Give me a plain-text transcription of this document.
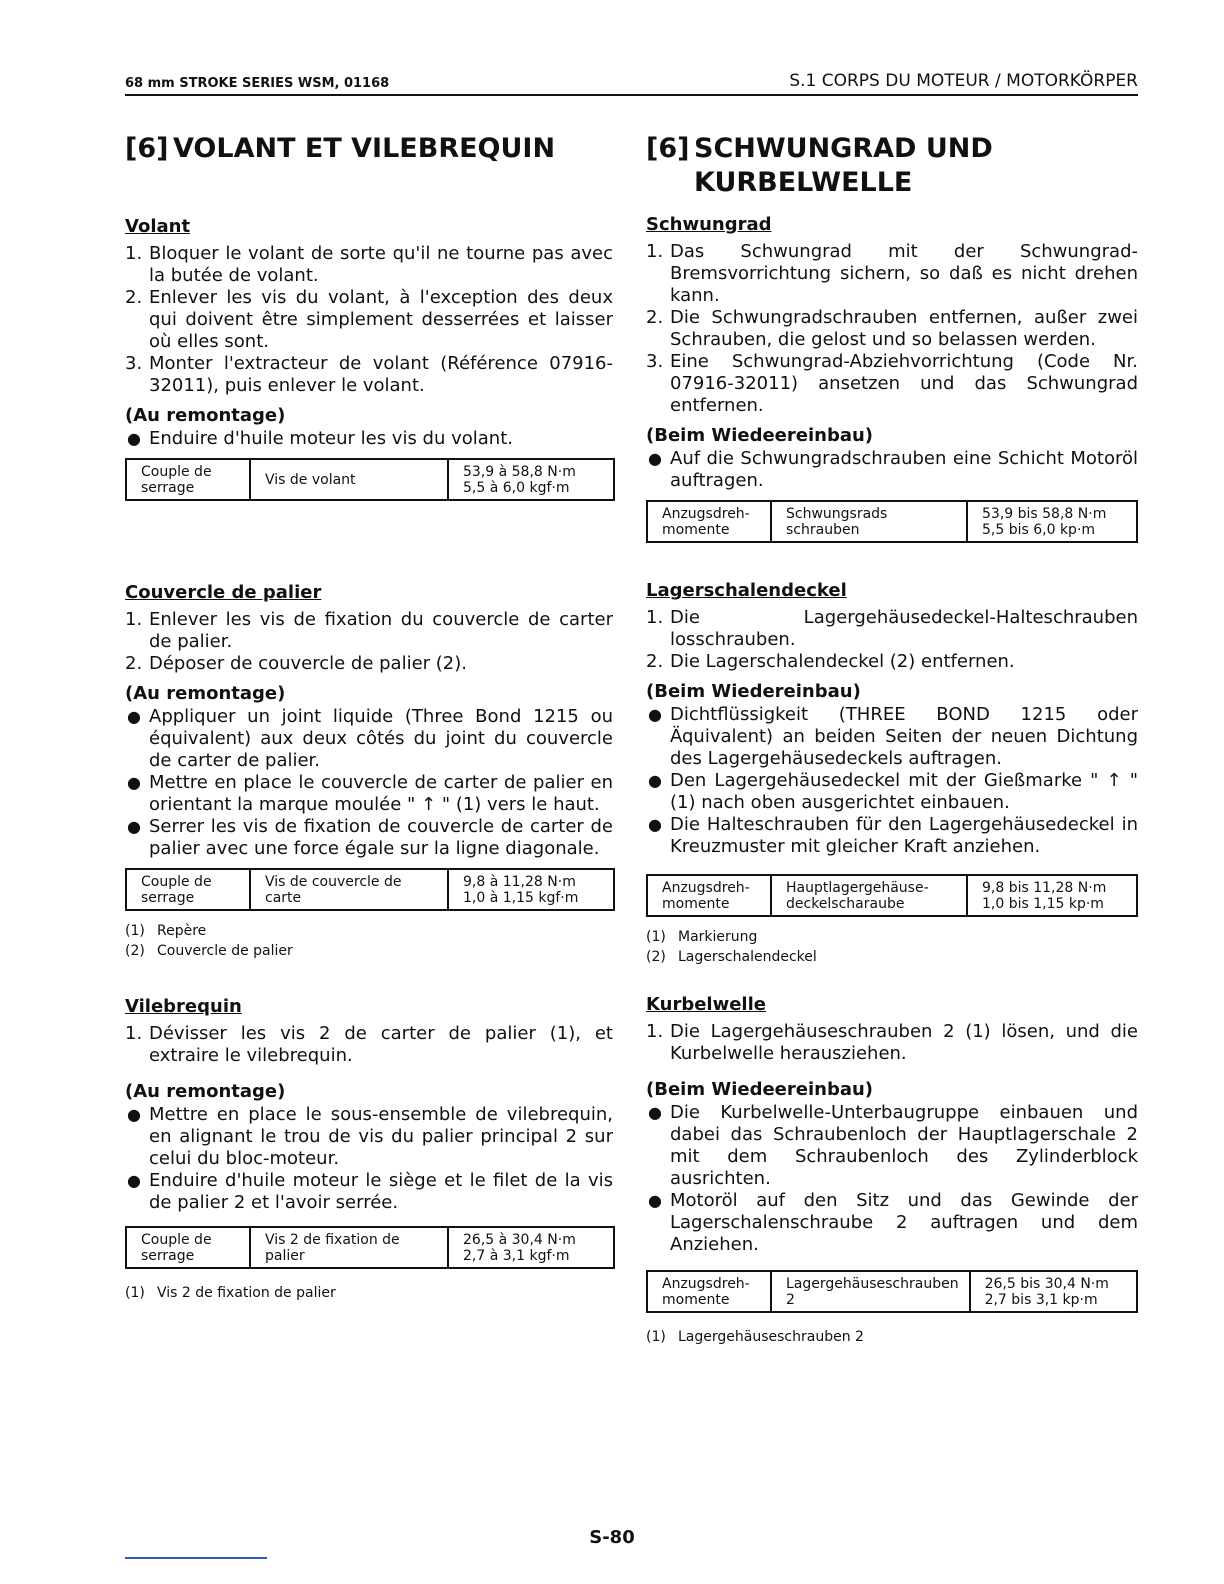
68 mm STROKE SERIES WSM, 01168	S.1 CORPS DU MOTEUR / MOTORKÖRPER
[6] VOLANT ET VILEBREQUIN
Volant
1. Bloquer le volant de sorte qu'il ne tourne pas avec la butée de volant.
2. Enlever les vis du volant, à l'exception des deux qui doivent être simplement desserrées et laisser où elles sont.
3. Monter l'extracteur de volant (Référence 07916-32011), puis enlever le volant.
(Au remontage)
● Enduire d'huile moteur les vis du volant.
Couple de serrage	Vis de volant	53,9 à 58,8 N·m
5,5 à 6,0 kgf·m
Couvercle de palier
1. Enlever les vis de fixation du couvercle de carter de palier.
2. Déposer de couvercle de palier (2).
(Au remontage)
● Appliquer un joint liquide (Three Bond 1215 ou équivalent) aux deux côtés du joint du couvercle de carter de palier.
● Mettre en place le couvercle de carter de palier en orientant la marque moulée " ↑ " (1) vers le haut.
● Serrer les vis de fixation de couvercle de carter de palier avec une force égale sur la ligne diagonale.
Couple de serrage	Vis de couvercle de carte	
9,8 à 11,28 N·m
1,0 à 1,15 kgf·m
(1) Repère
(2) Couvercle de palier
Vilebrequin
1. Dévisser les vis 2 de carter de palier (1), et extraire le vilebrequin.
(Au remontage)
● Mettre en place le sous-ensemble de vilebrequin, en alignant le trou de vis du palier principal 2 sur celui du bloc-moteur.
● Enduire d'huile moteur le siège et le filet de la vis de palier 2 et l'avoir serrée.
Couple de serrage	Vis 2 de fixation de palier	
26,5 à 30,4 N·m
2,7 à 3,1 kgf·m
(1) Vis 2 de fixation de palier
[6] SCHWUNGRAD UND
KURBELWELLE
Schwungrad
1. Das Schwungrad mit der Schwungrad-Bremsvorrichtung sichern, so daß es nicht drehen kann.
2. Die Schwungradschrauben entfernen, außer zwei Schrauben, die gelost und so belassen werden.
3. Eine Schwungrad-Abziehvorrichtung (Code Nr. 07916-32011) ansetzen und das Schwungrad entfernen.
(Beim Wiedeereinbau)
● Auf die Schwungradschrauben eine Schicht Motoröl auftragen.
Anzugsdreh-momente	Schwungsrads schrauben	
53,9 bis 58,8 N·m
5,5 bis 6,0 kp·m
Lagerschalendeckel
1. Die Lagergehäusedeckel-Halteschrauben losschrauben.
2. Die Lagerschalendeckel (2) entfernen.
(Beim Wiedereinbau)
● Dichtflüssigkeit (THREE BOND 1215 oder Äquivalent) an beiden Seiten der neuen Dichtung des Lagergehäusedeckels auftragen.
● Den Lagergehäusedeckel mit der Gießmarke " ↑ " (1) nach oben ausgerichtet einbauen.
● Die Halteschrauben für den Lagergehäusedeckel in Kreuzmuster mit gleicher Kraft anziehen.
Anzugsdreh-momente	Hauptlagergehäuse-deckelscharaube	
9,8 bis 11,28 N·m
1,0 bis 1,15 kp·m
(1) Markierung
(2) Lagerschalendeckel
Kurbelwelle
1. Die Lagergehäuseschrauben 2 (1) lösen, und die Kurbelwelle herausziehen.
(Beim Wiedeereinbau)
● Die Kurbelwelle-Unterbaugruppe einbauen und dabei das Schraubenloch der Hauptlagerschale 2 mit dem Schraubenloch des Zylinderblock ausrichten.
● Motoröl auf den Sitz und das Gewinde der Lagerschalenschraube 2 auftragen und dem Anziehen.
Anzugsdreh-momente	Lagergehäuseschrauben 2	
26,5 bis 30,4 N·m
2,7 bis 3,1 kp·m
(1) Lagergehäuseschrauben 2
S-80
